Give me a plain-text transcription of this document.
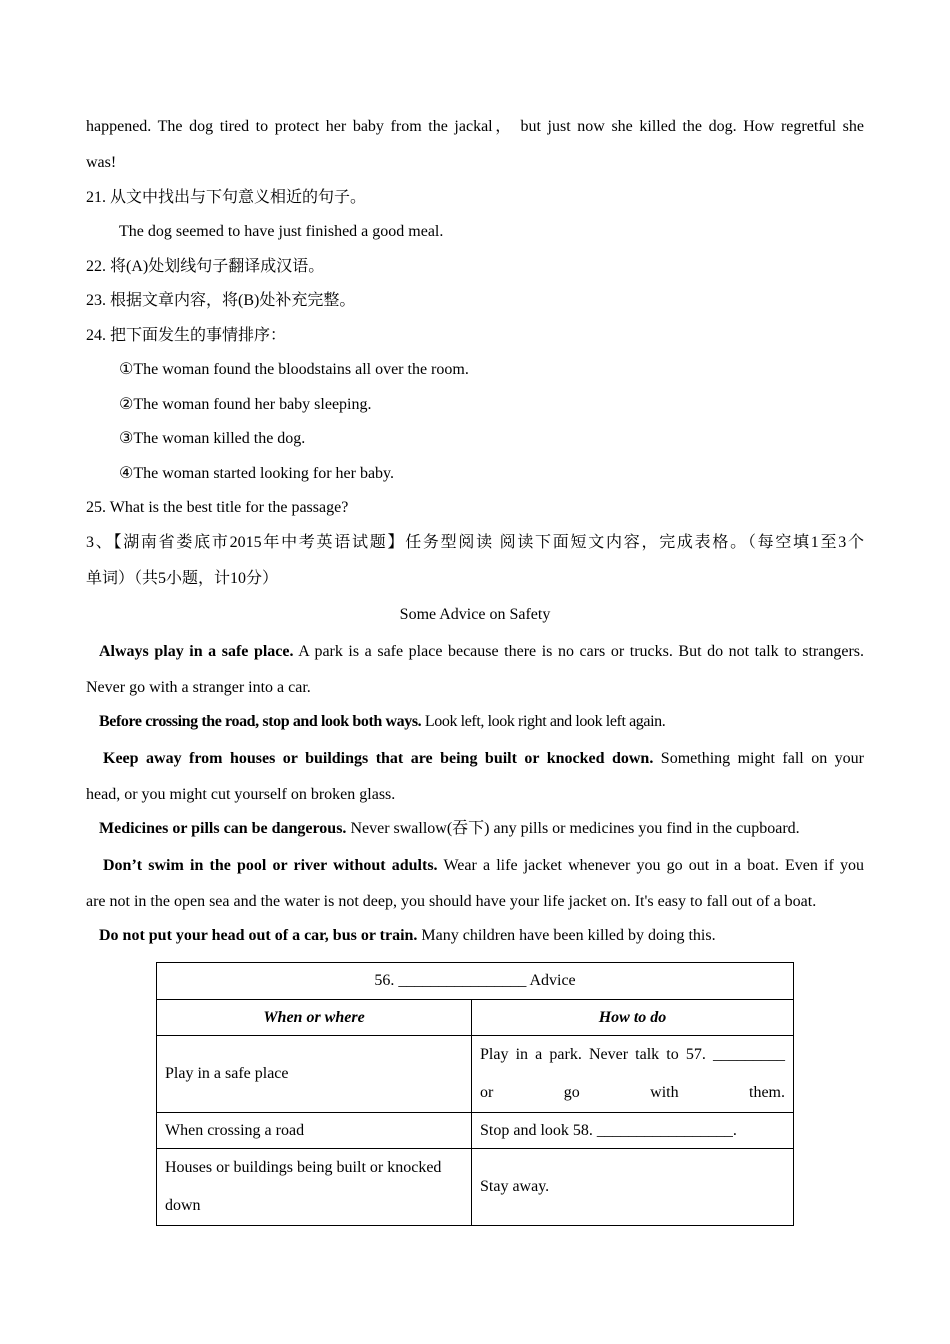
happened. The dog tired to protect her baby from the jackal， but just now she killed the dog. How regretful she

was!

21. 从文中找出与下句意义相近的句子。

The dog seemed to have just finished a good meal.

22. 将(A)处划线句子翻译成汉语。

23. 根据文章内容，将(B)处补充完整。

24. 把下面发生的事情排序：

①The woman found the bloodstains all over the room.

②The woman found her baby sleeping.

③The woman killed the dog.

④The woman started looking for her baby.

25. What is the best title for the passage?

3、【湖南省娄底市2015年中考英语试题】任务型阅读 阅读下面短文内容，完成表格。（每空填1至3个

单词）（共5小题，计10分）

Some Advice on Safety

Always play in a safe place. A park is a safe place because there is no cars or trucks. But do not talk to strangers.

Never go with a stranger into a car.

Before crossing the road, stop and look both ways. Look left, look right and look left again.

Keep away from houses or buildings that are being built or knocked down. Something might fall on your

head, or you might cut yourself on broken glass.

Medicines or pills can be dangerous. Never swallow(吞下) any pills or medicines you find in the cupboard.

Don’t swim in the pool or river without adults. Wear a life jacket whenever you go out in a boat. Even if you

are not in the open sea and the water is not deep, you should have your life jacket on. It's easy to fall out of a boat.

Do not put your head out of a car, bus or train. Many children have been killed by doing this.

56. ________________ Advice	
When or where	How to do
Play in a safe place	Play in a park. Never talk to 57. _________
or go with them.
When crossing a road	Stop and look 58. _________________.
Houses or buildings being built or knocked
down	Stay away.
